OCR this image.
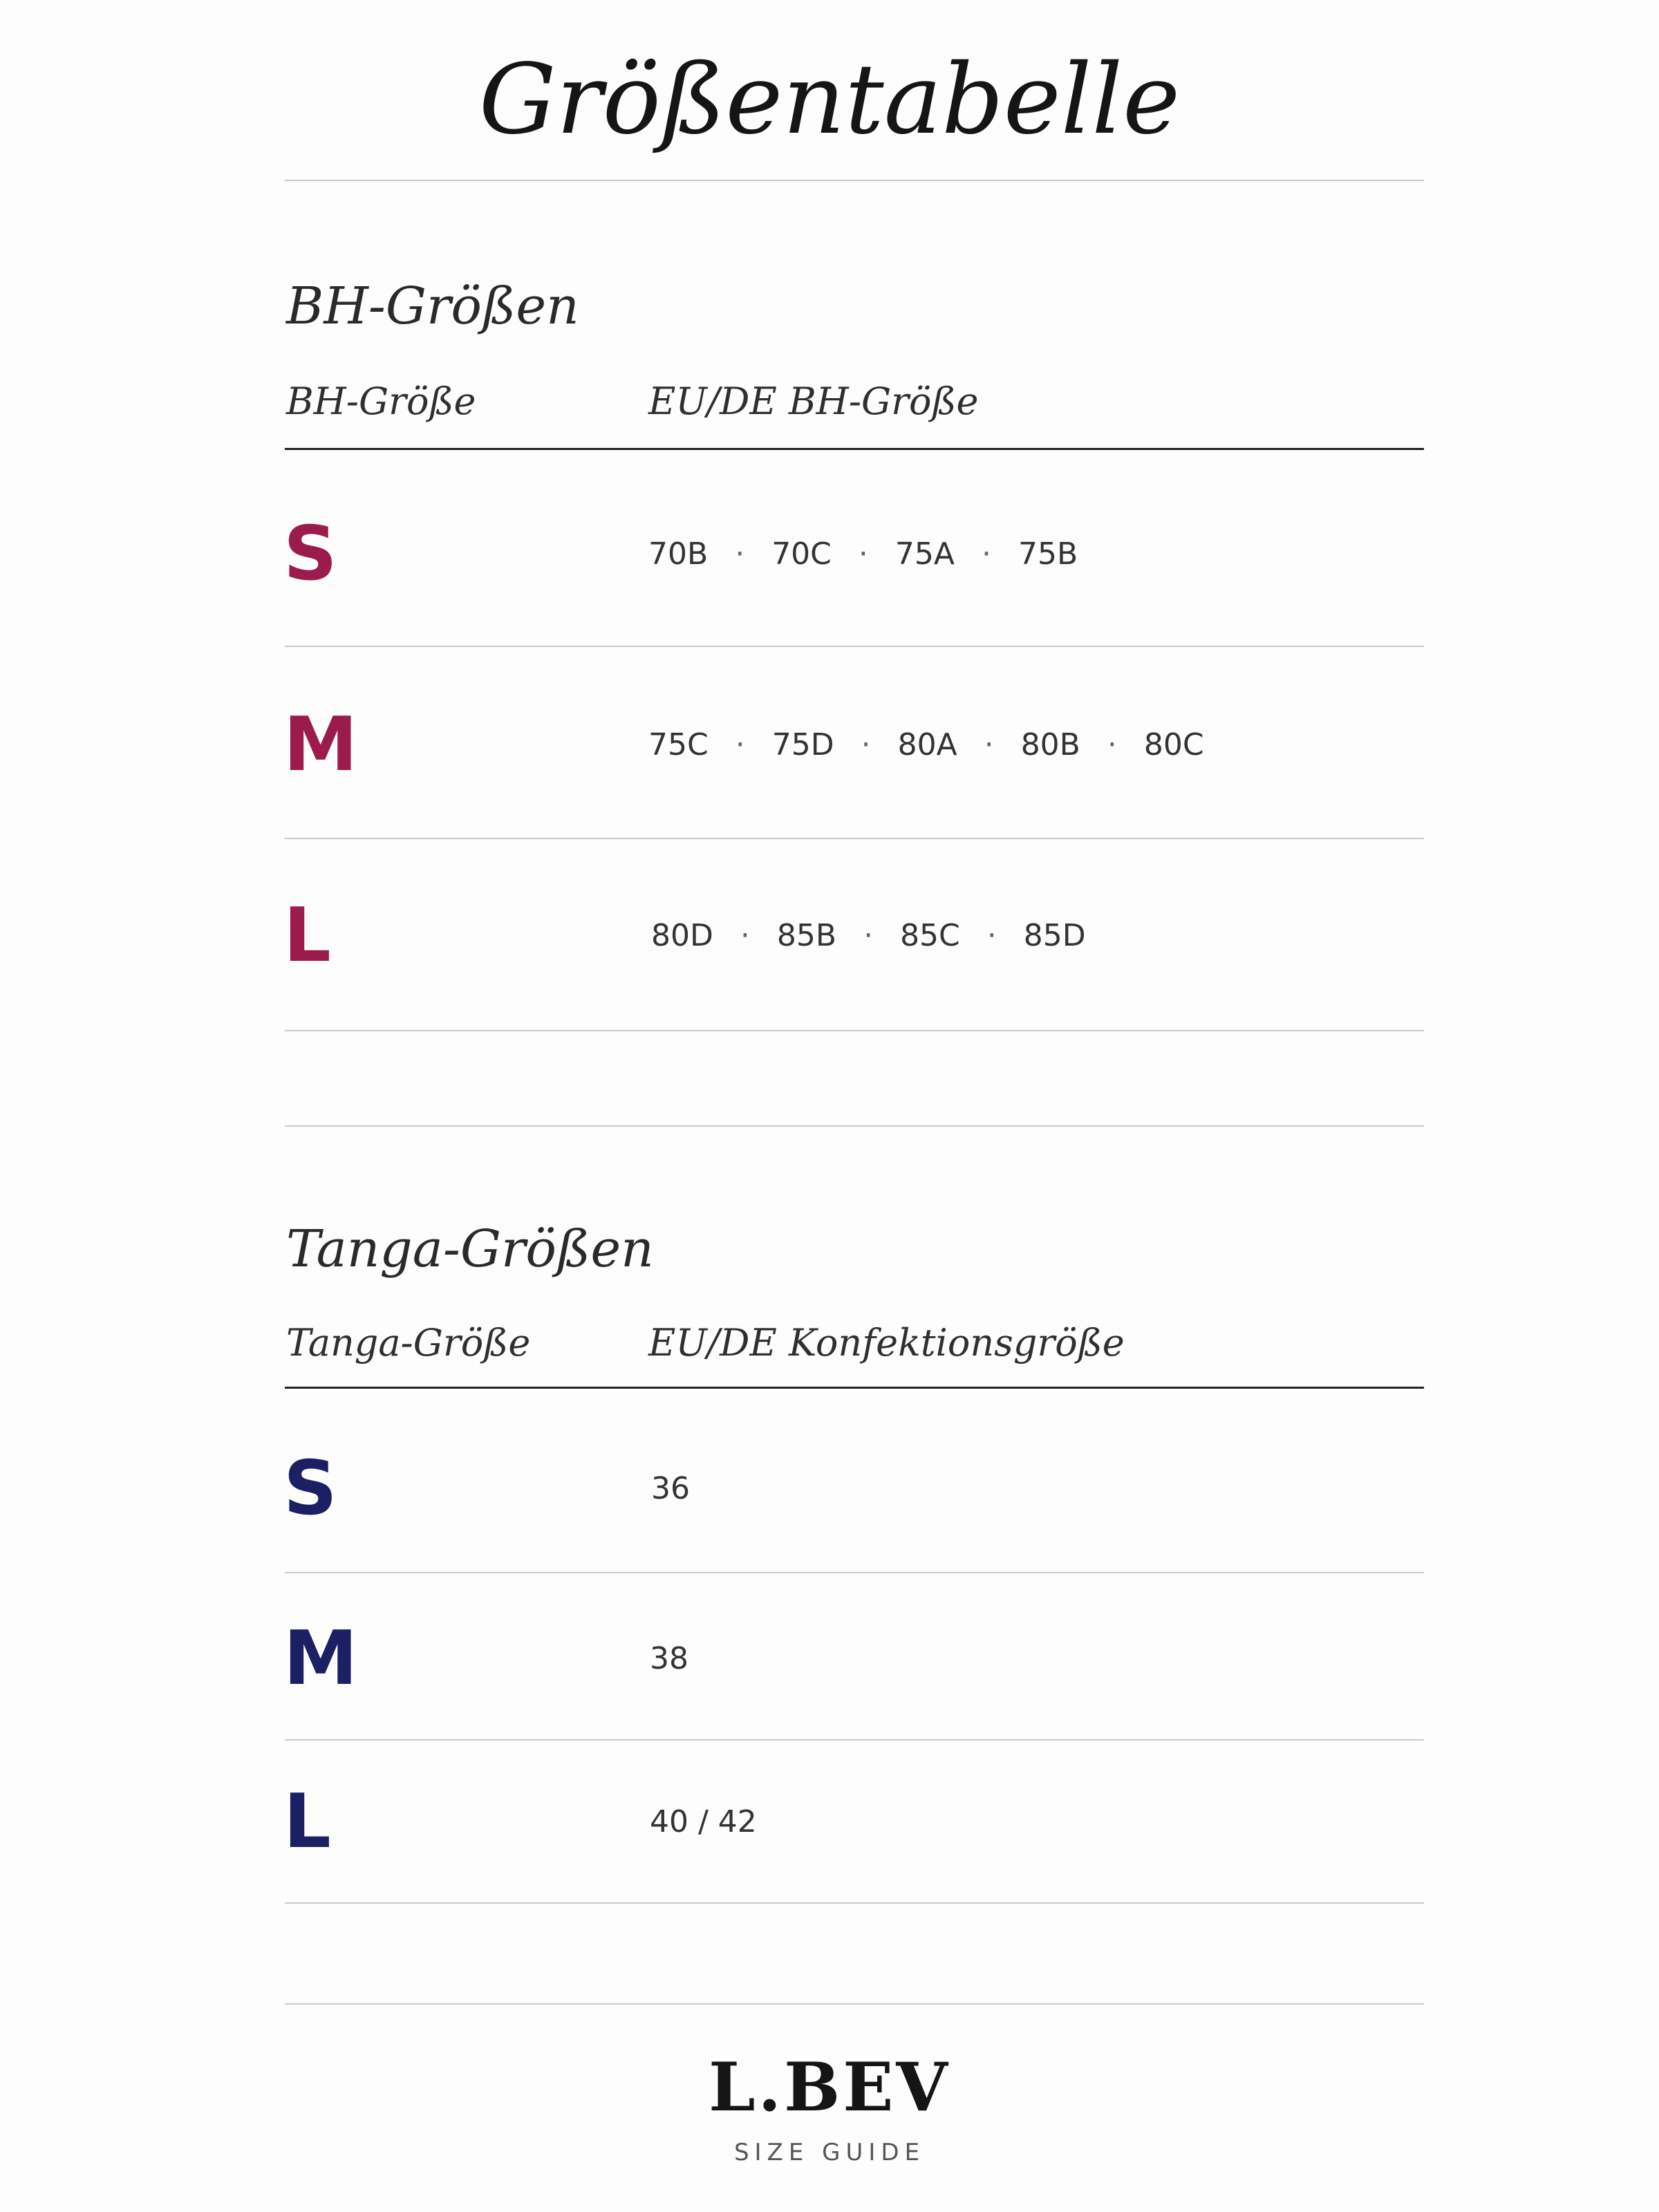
Größentabelle
BH-Größen
BH-Größe	EU/DE BH-Größe
S	70B · 70C · 75A · 75B
M	75C · 75D · 80A · 80B · 80C
L	80D · 85B · 85C · 85D
Tanga-Größen
Tanga-Größe	EU/DE Konfektionsgröße
S	36
M	38
L	40 / 42
L.BEV
SIZE GUIDE
